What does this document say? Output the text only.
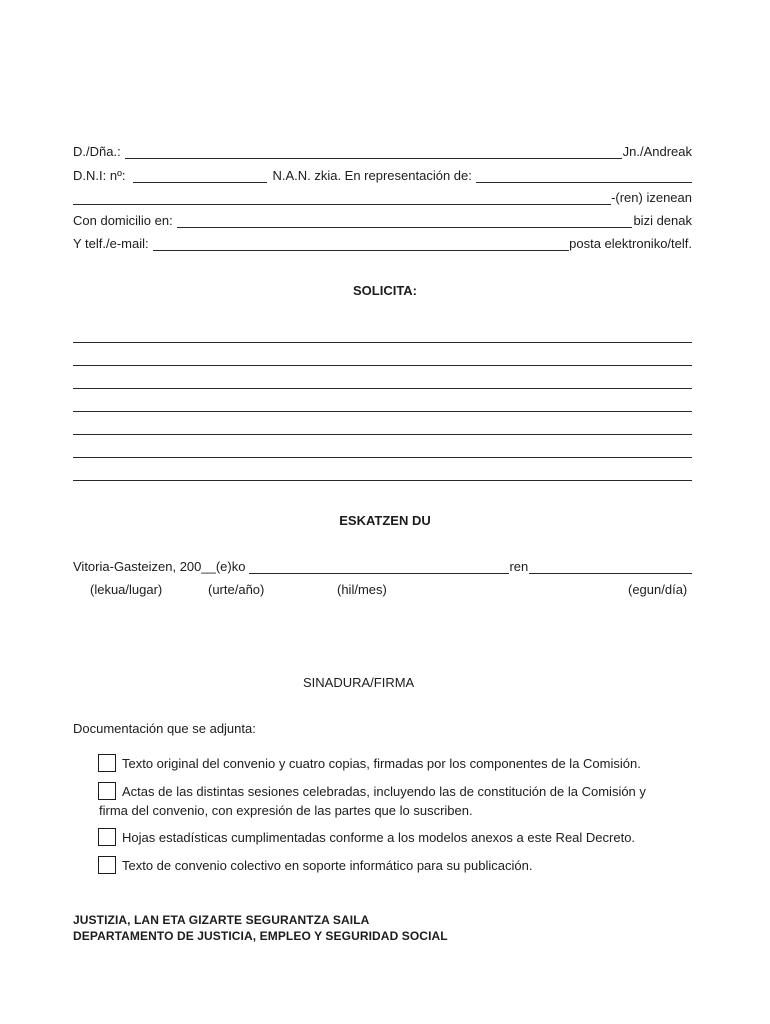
D./Dña.:	Jn./Andreak
D.N.I: nº:	N.A.N. zkia. En representación de:
-(ren) izenean
Con domicilio en:	bizi denak
Y telf./e-mail:	posta elektroniko/telf.
SOLICITA:
ESKATZEN DU
Vitoria-Gasteizen, 200__(e)ko	ren
(lekua/lugar)	(urte/año)	(hil/mes)	(egun/día)
SINADURA/FIRMA
Documentación que se adjunta:
Texto original del convenio y cuatro copias, firmadas por los componentes de la Comisión.
Actas de las distintas sesiones celebradas, incluyendo las de constitución de la Comisión y
firma del convenio, con expresión de las partes que lo suscriben.
Hojas estadísticas cumplimentadas conforme a los modelos anexos a este Real Decreto.
Texto de convenio colectivo en soporte informático para su publicación.
JUSTIZIA, LAN ETA GIZARTE SEGURANTZA SAILA
DEPARTAMENTO DE JUSTICIA, EMPLEO Y SEGURIDAD SOCIAL
